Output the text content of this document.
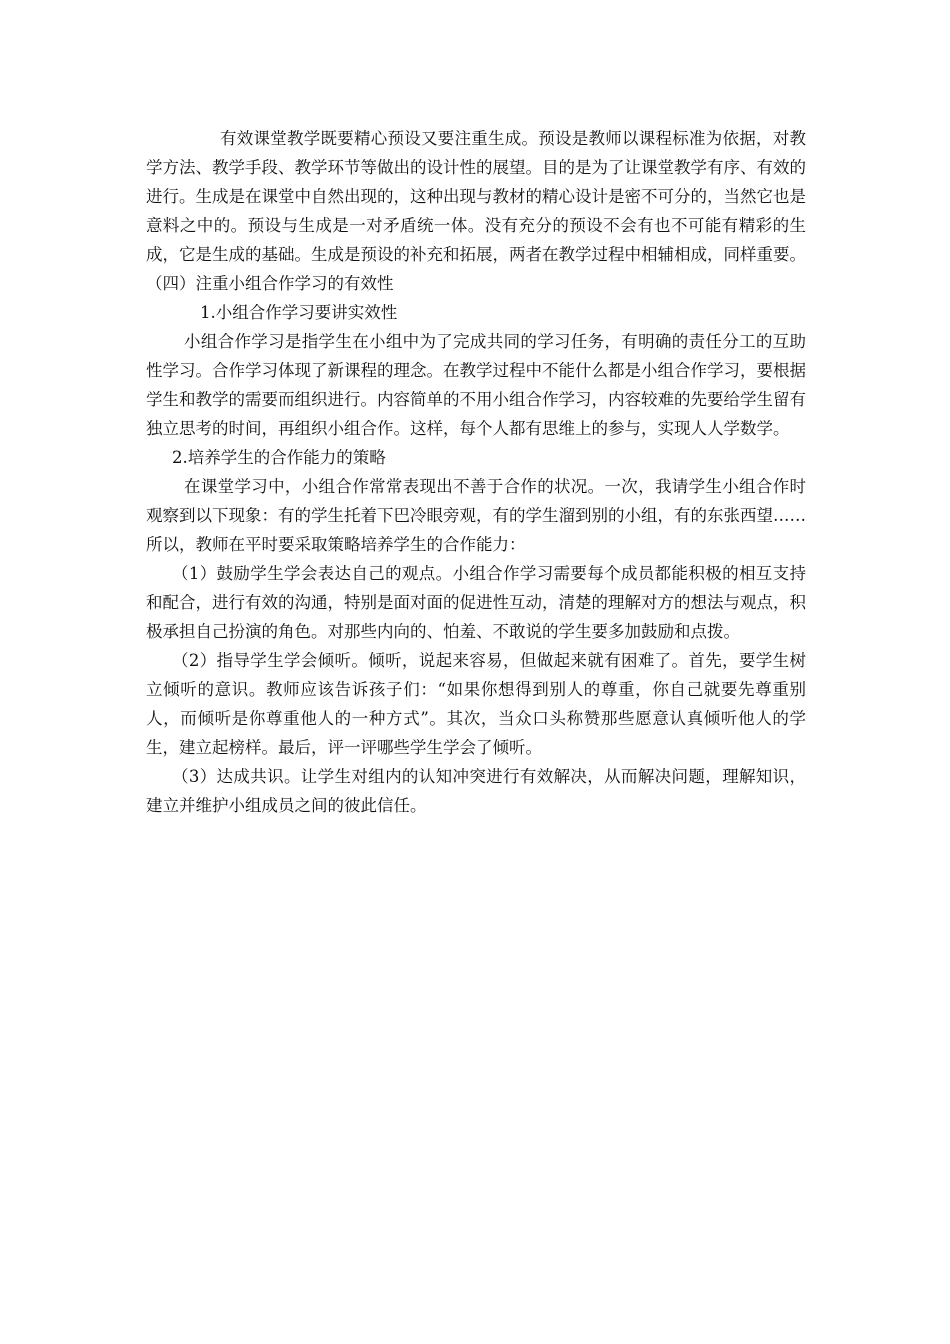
有效课堂教学既要精心预设又要注重生成。预设是教师以课程标准为依据，对教学方法、教学手段、教学环节等做出的设计性的展望。目的是为了让课堂教学有序、有效的进行。生成是在课堂中自然出现的，这种出现与教材的精心设计是密不可分的，当然它也是意料之中的。预设与生成是一对矛盾统一体。没有充分的预设不会有也不可能有精彩的生成，它是生成的基础。生成是预设的补充和拓展，两者在教学过程中相辅相成，同样重要。

（四）注重小组合作学习的有效性

1.小组合作学习要讲实效性

小组合作学习是指学生在小组中为了完成共同的学习任务，有明确的责任分工的互助性学习。合作学习体现了新课程的理念。在教学过程中不能什么都是小组合作学习，要根据学生和教学的需要而组织进行。内容简单的不用小组合作学习，内容较难的先要给学生留有独立思考的时间，再组织小组合作。这样，每个人都有思维上的参与，实现人人学数学。

2.培养学生的合作能力的策略

在课堂学习中，小组合作常常表现出不善于合作的状况。一次，我请学生小组合作时观察到以下现象：有的学生托着下巴冷眼旁观，有的学生溜到别的小组，有的东张西望……所以，教师在平时要采取策略培养学生的合作能力：

（1）鼓励学生学会表达自己的观点。小组合作学习需要每个成员都能积极的相互支持和配合，进行有效的沟通，特别是面对面的促进性互动，清楚的理解对方的想法与观点，积极承担自己扮演的角色。对那些内向的、怕羞、不敢说的学生要多加鼓励和点拨。

（2）指导学生学会倾听。倾听，说起来容易，但做起来就有困难了。首先，要学生树立倾听的意识。教师应该告诉孩子们：“如果你想得到别人的尊重，你自己就要先尊重别人，而倾听是你尊重他人的一种方式”。其次，当众口头称赞那些愿意认真倾听他人的学生，建立起榜样。最后，评一评哪些学生学会了倾听。

（3）达成共识。让学生对组内的认知冲突进行有效解决，从而解决问题，理解知识，建立并维护小组成员之间的彼此信任。
